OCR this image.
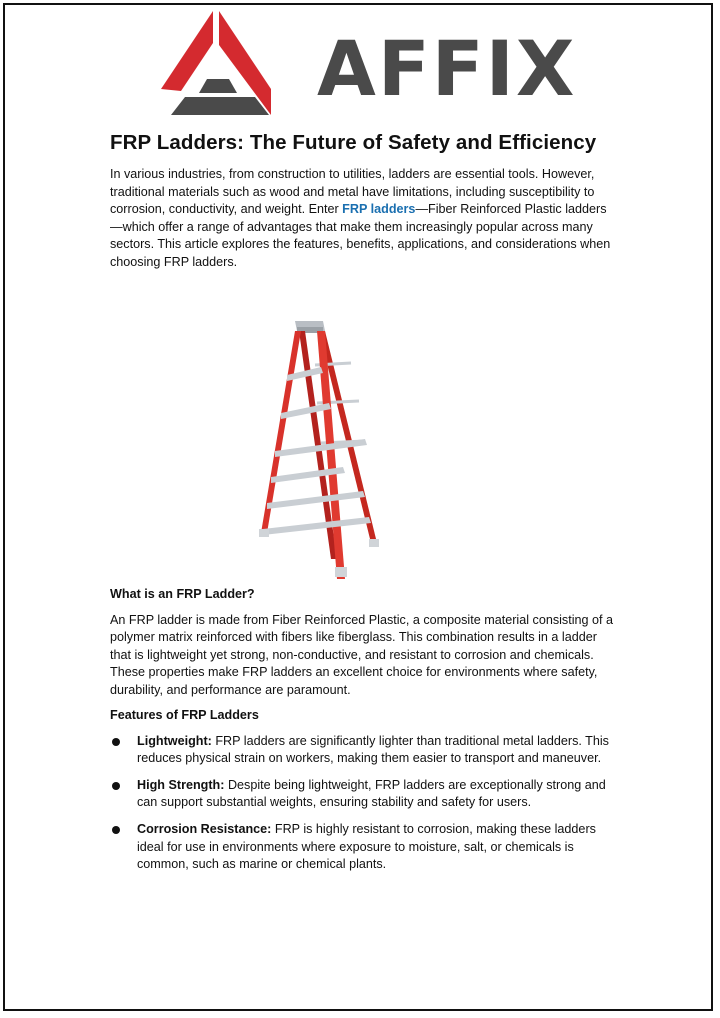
AFFIX
FRP Ladders: The Future of Safety and Efficiency

In various industries, from construction to utilities, ladders are essential tools. However, traditional materials such as wood and metal have limitations, including susceptibility to corrosion, conductivity, and weight. Enter FRP ladders—Fiber Reinforced Plastic ladders—which offer a range of advantages that make them increasingly popular across many sectors. This article explores the features, benefits, applications, and considerations when choosing FRP ladders.

What is an FRP Ladder?

An FRP ladder is made from Fiber Reinforced Plastic, a composite material consisting of a polymer matrix reinforced with fibers like fiberglass. This combination results in a ladder that is lightweight yet strong, non-conductive, and resistant to corrosion and chemicals. These properties make FRP ladders an excellent choice for environments where safety, durability, and performance are paramount.

Features of FRP Ladders
Lightweight: FRP ladders are significantly lighter than traditional metal ladders. This reduces physical strain on workers, making them easier to transport and maneuver.
High Strength: Despite being lightweight, FRP ladders are exceptionally strong and can support substantial weights, ensuring stability and safety for users.
Corrosion Resistance: FRP is highly resistant to corrosion, making these ladders ideal for use in environments where exposure to moisture, salt, or chemicals is common, such as marine or chemical plants.
